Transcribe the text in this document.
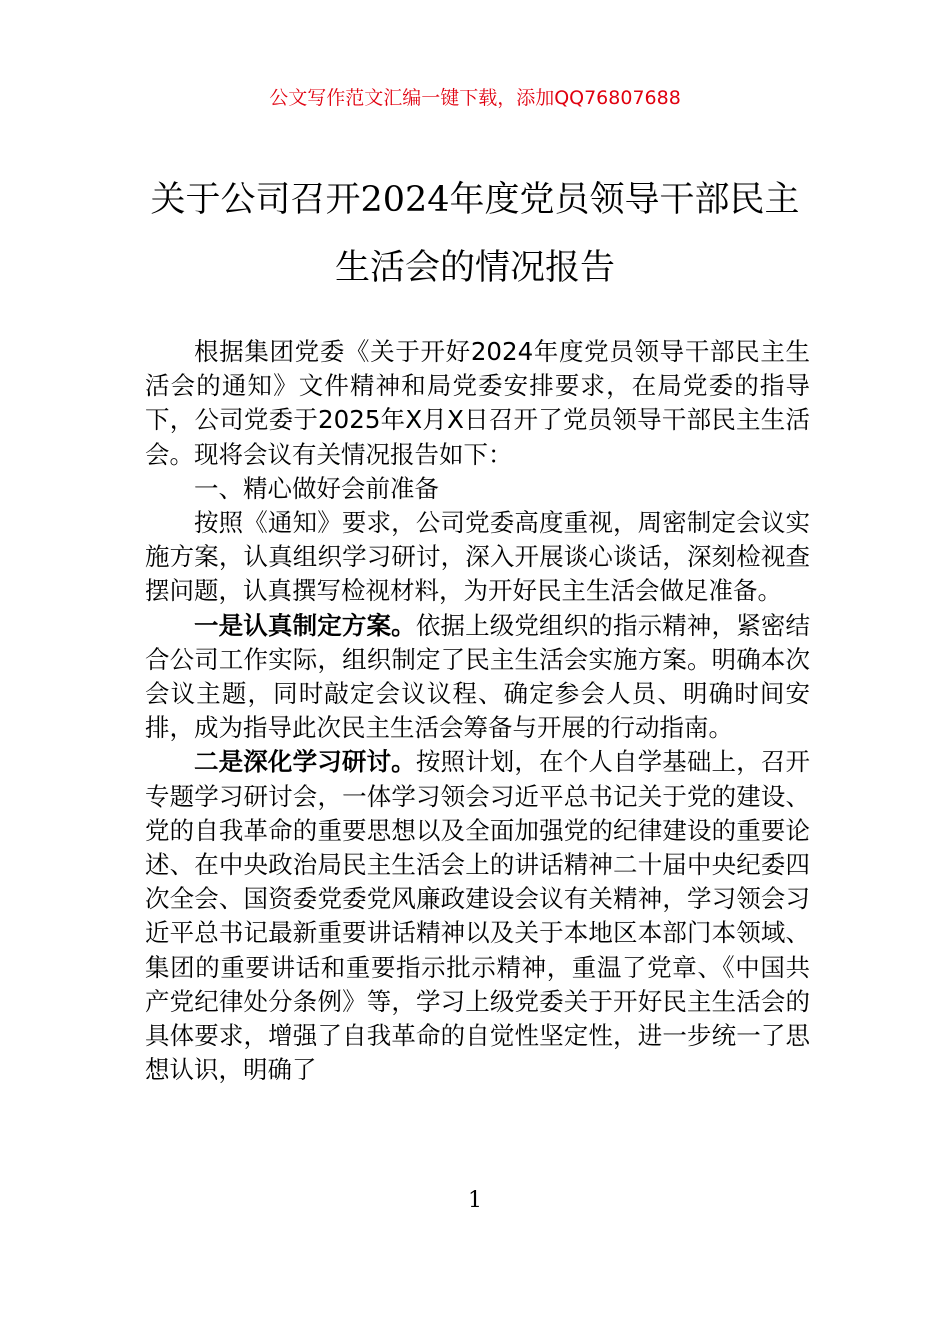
公文写作范文汇编一键下载，添加QQ76807688
关于公司召开2024年度党员领导干部民主生活会的情况报告

根据集团党委《关于开好2024年度党员领导干部民主生活会的通知》文件精神和局党委安排要求，在局党委的指导下，公司党委于2025年X月X日召开了党员领导干部民主生活会。现将会议有关情况报告如下：

一、精心做好会前准备

按照《通知》要求，公司党委高度重视，周密制定会议实施方案，认真组织学习研讨，深入开展谈心谈话，深刻检视查摆问题，认真撰写检视材料，为开好民主生活会做足准备。

一是认真制定方案。依据上级党组织的指示精神，紧密结合公司工作实际，组织制定了民主生活会实施方案。明确本次会议主题，同时敲定会议议程、确定参会人员、明确时间安排，成为指导此次民主生活会筹备与开展的行动指南。

二是深化学习研讨。按照计划，在个人自学基础上，召开专题学习研讨会，一体学习领会习近平总书记关于党的建设、党的自我革命的重要思想以及全面加强党的纪律建设的重要论述、在中央政治局民主生活会上的讲话精神二十届中央纪委四次全会、国资委党委党风廉政建设会议有关精神，学习领会习近平总书记最新重要讲话精神以及关于本地区本部门本领域、集团的重要讲话和重要指示批示精神，重温了党章、《中国共产党纪律处分条例》等，学习上级党委关于开好民主生活会的具体要求，增强了自我革命的自觉性坚定性，进一步统一了思想认识，明确了

1
